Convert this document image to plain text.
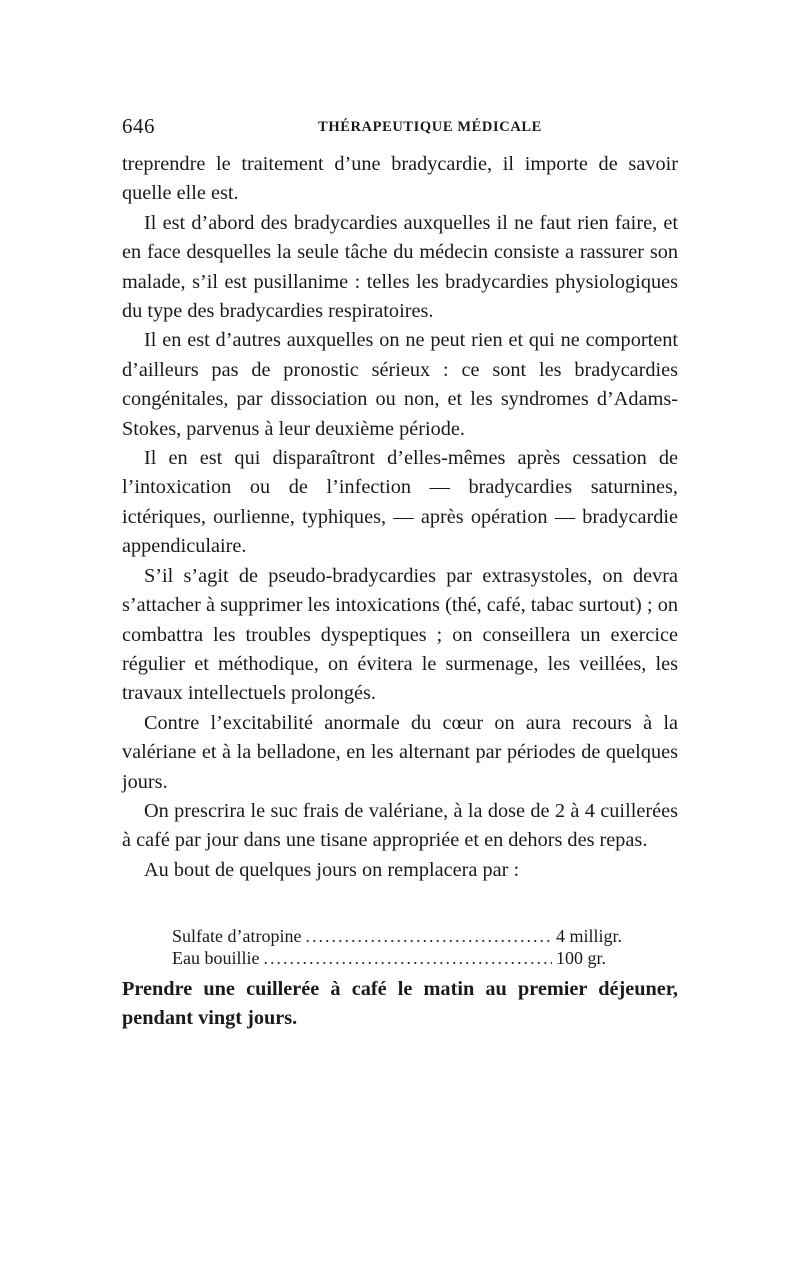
646	THÉRAPEUTIQUE MÉDICALE

treprendre le traitement d’une bradycardie, il importe de savoir quelle elle est.

Il est d’abord des bradycardies auxquelles il ne faut rien faire, et en face desquelles la seule tâche du médecin consiste a rassurer son malade, s’il est pusillanime : telles les bradycardies physiologiques du type des bradycardies respiratoires.

Il en est d’autres auxquelles on ne peut rien et qui ne comportent d’ailleurs pas de pronostic sérieux : ce sont les bradycardies congénitales, par dissociation ou non, et les syndromes d’Adams-Stokes, parvenus à leur deuxième période.

Il en est qui disparaîtront d’elles-mêmes après cessation de l’intoxication ou de l’infection — bradycardies saturnines, ictériques, ourlienne, typhiques, — après opération — bradycardie appendiculaire.

S’il s’agit de pseudo-bradycardies par extrasystoles, on devra s’attacher à supprimer les intoxications (thé, café, tabac surtout) ; on combattra les troubles dyspeptiques ; on conseillera un exercice régulier et méthodique, on évitera le surmenage, les veillées, les travaux intellectuels prolongés.

Contre l’excitabilité anormale du cœur on aura recours à la valériane et à la belladone, en les alternant par périodes de quelques jours.

On prescrira le suc frais de valériane, à la dose de 2 à 4 cuillerées à café par jour dans une tisane appropriée et en dehors des repas.

Au bout de quelques jours on remplacera par :

Sulfate d’atropine .....	4 milligr.
Eau bouillie .....	100 gr.

Prendre une cuillerée à café le matin au premier déjeuner, pendant vingt jours.
